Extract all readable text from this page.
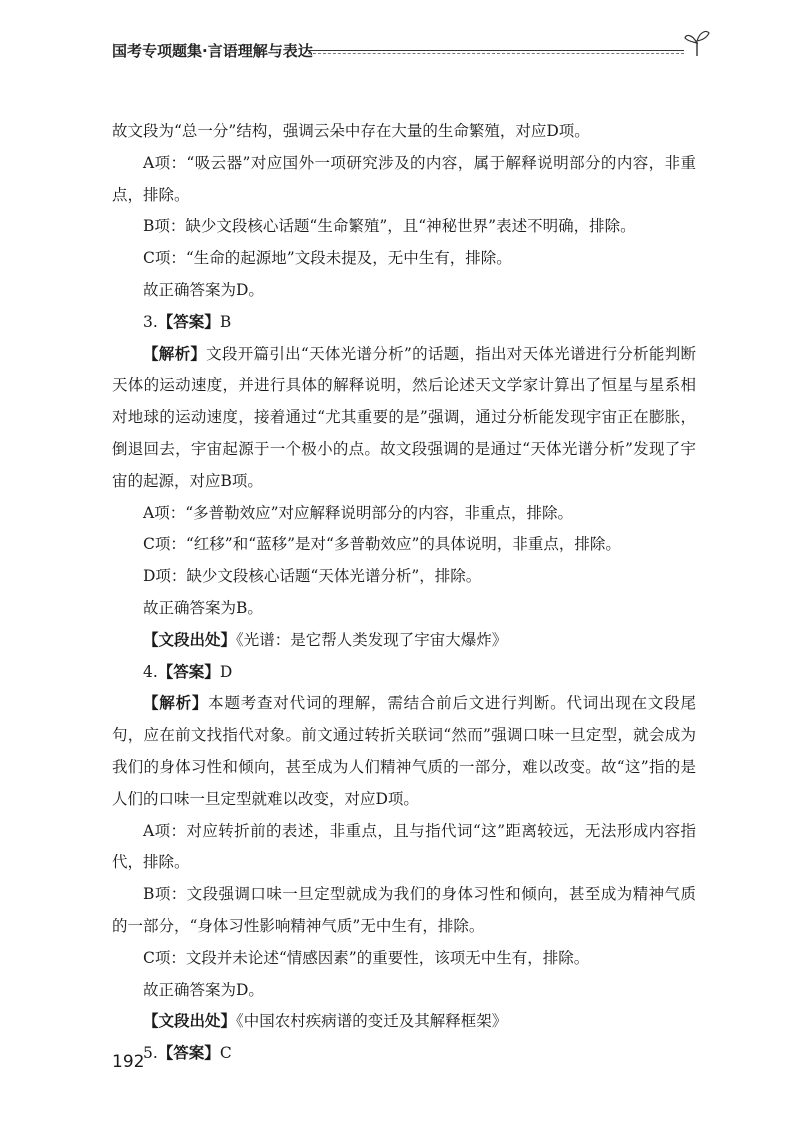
国考专项题集·言语理解与表达

故文段为“总一分”结构，强调云朵中存在大量的生命繁殖，对应D项。

A项：“吸云器”对应国外一项研究涉及的内容，属于解释说明部分的内容，非重点，排除。

B项：缺少文段核心话题“生命繁殖”，且“神秘世界”表述不明确，排除。

C项：“生命的起源地”文段未提及，无中生有，排除。

故正确答案为D。

3.【答案】B

【解析】文段开篇引出“天体光谱分析”的话题，指出对天体光谱进行分析能判断天体的运动速度，并进行具体的解释说明，然后论述天文学家计算出了恒星与星系相对地球的运动速度，接着通过“尤其重要的是”强调，通过分析能发现宇宙正在膨胀，倒退回去，宇宙起源于一个极小的点。故文段强调的是通过“天体光谱分析”发现了宇宙的起源，对应B项。

A项：“多普勒效应”对应解释说明部分的内容，非重点，排除。

C项：“红移”和“蓝移”是对“多普勒效应”的具体说明，非重点，排除。

D项：缺少文段核心话题“天体光谱分析”，排除。

故正确答案为B。

【文段出处】《光谱：是它帮人类发现了宇宙大爆炸》

4.【答案】D

【解析】本题考查对代词的理解，需结合前后文进行判断。代词出现在文段尾句，应在前文找指代对象。前文通过转折关联词“然而”强调口味一旦定型，就会成为我们的身体习性和倾向，甚至成为人们精神气质的一部分，难以改变。故“这”指的是人们的口味一旦定型就难以改变，对应D项。

A项：对应转折前的表述，非重点，且与指代词“这”距离较远，无法形成内容指代，排除。

B项：文段强调口味一旦定型就成为我们的身体习性和倾向，甚至成为精神气质的一部分，“身体习性影响精神气质”无中生有，排除。

C项：文段并未论述“情感因素”的重要性，该项无中生有，排除。

故正确答案为D。

【文段出处】《中国农村疾病谱的变迁及其解释框架》

5.【答案】C

192
